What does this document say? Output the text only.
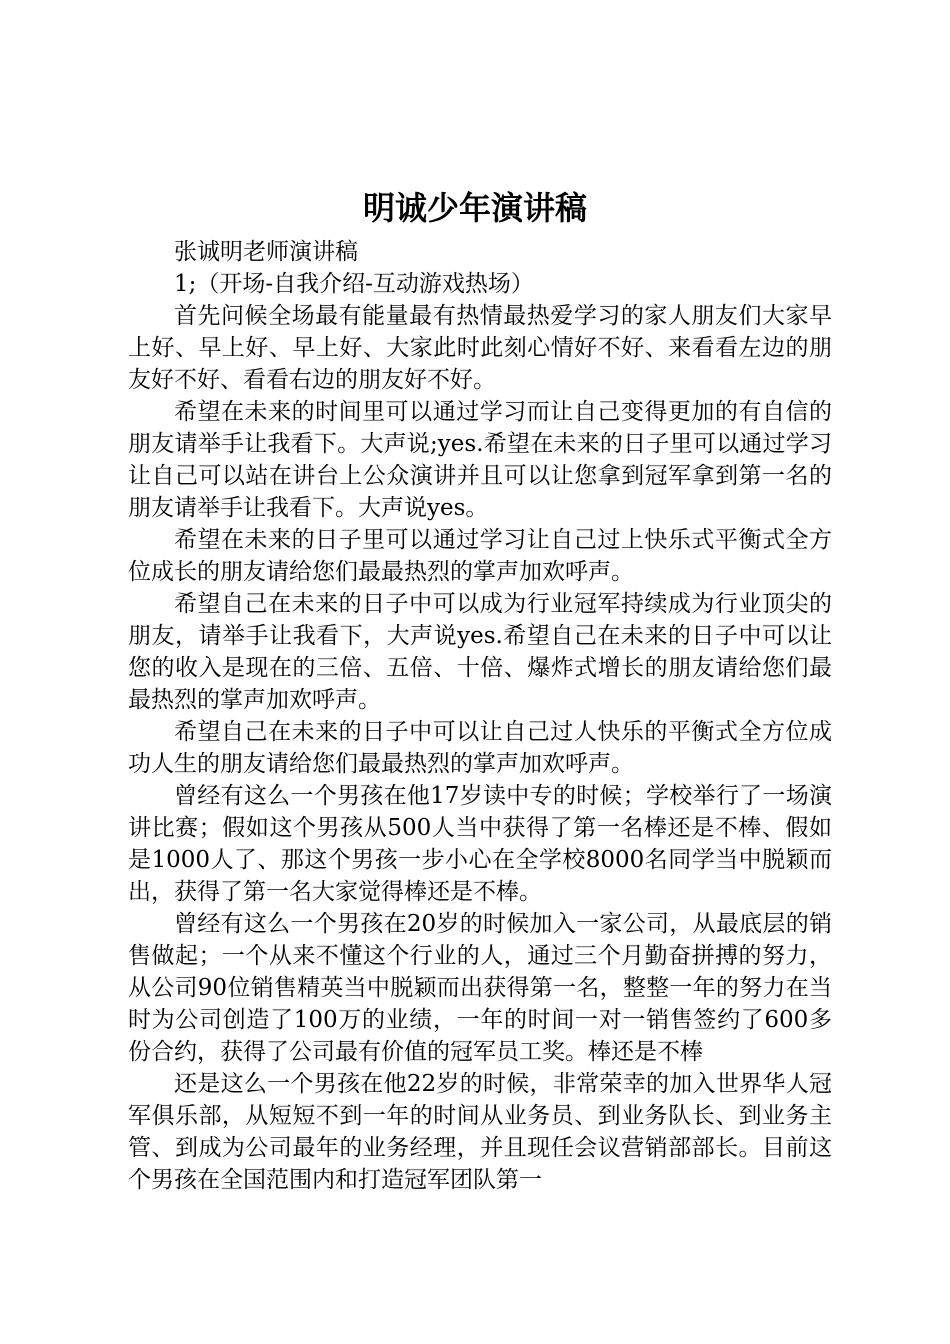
明诚少年演讲稿

张诚明老师演讲稿

1;（开场-自我介绍-互动游戏热场）

首先问候全场最有能量最有热情最热爱学习的家人朋友们大家早上好、早上好、早上好、大家此时此刻心情好不好、来看看左边的朋友好不好、看看右边的朋友好不好。

希望在未来的时间里可以通过学习而让自己变得更加的有自信的朋友请举手让我看下。大声说;yes.希望在未来的日子里可以通过学习让自己可以站在讲台上公众演讲并且可以让您拿到冠军拿到第一名的朋友请举手让我看下。大声说yes。

希望在未来的日子里可以通过学习让自己过上快乐式平衡式全方位成长的朋友请给您们最最热烈的掌声加欢呼声。

希望自己在未来的日子中可以成为行业冠军持续成为行业顶尖的朋友，请举手让我看下，大声说yes.希望自己在未来的日子中可以让您的收入是现在的三倍、五倍、十倍、爆炸式增长的朋友请给您们最最热烈的掌声加欢呼声。

希望自己在未来的日子中可以让自己过人快乐的平衡式全方位成功人生的朋友请给您们最最热烈的掌声加欢呼声。

曾经有这么一个男孩在他17岁读中专的时候；学校举行了一场演讲比赛；假如这个男孩从500人当中获得了第一名棒还是不棒、假如是1000人了、那这个男孩一步小心在全学校8000名同学当中脱颖而出，获得了第一名大家觉得棒还是不棒。

曾经有这么一个男孩在20岁的时候加入一家公司，从最底层的销售做起；一个从来不懂这个行业的人，通过三个月勤奋拼搏的努力，从公司90位销售精英当中脱颖而出获得第一名，整整一年的努力在当时为公司创造了100万的业绩，一年的时间一对一销售签约了600多份合约，获得了公司最有价值的冠军员工奖。棒还是不棒

还是这么一个男孩在他22岁的时候，非常荣幸的加入世界华人冠军俱乐部，从短短不到一年的时间从业务员、到业务队长、到业务主管、到成为公司最年的业务经理，并且现任会议营销部部长。目前这个男孩在全国范围内和打造冠军团队第一
